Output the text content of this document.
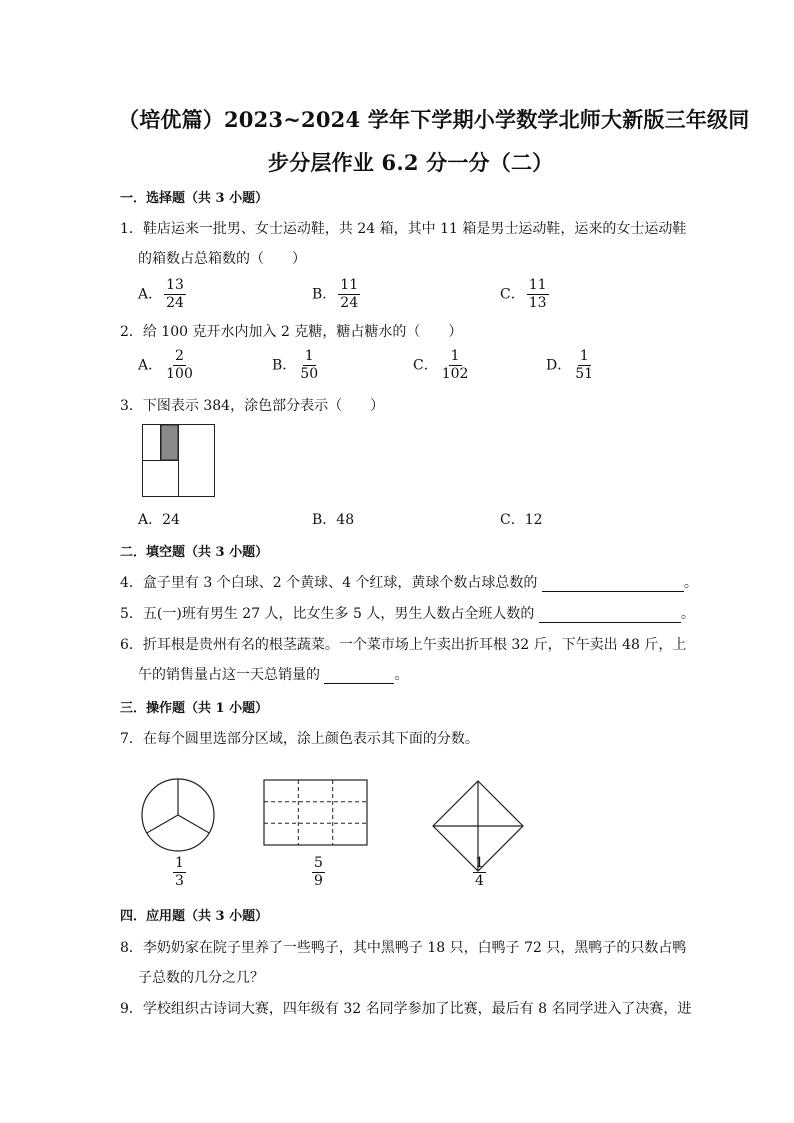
（培优篇）2023~2024 学年下学期小学数学北师大新版三年级同
步分层作业 6.2 分一分（二）
一．选择题（共 3 小题）
1．鞋店运来一批男、女士运动鞋，共 24 箱，其中 11 箱是男士运动鞋，运来的女士运动鞋
的箱数占总箱数的（　　）
A． $\frac{13}{24}$	B． $\frac{11}{24}$	C． $\frac{11}{13}$
2．给 100 克开水内加入 2 克糖，糖占糖水的（　　）
A． $\frac{2}{100}$	B． $\frac{1}{50}$	C． $\frac{1}{102}$	D． $\frac{1}{51}$
3．下图表示 384，涂色部分表示（　　）
A．24	B．48	C．12
二．填空题（共 3 小题）
4．盒子里有 3 个白球、2 个黄球、4 个红球，黄球个数占球总数的	。
5．五(一)班有男生 27 人，比女生多 5 人，男生人数占全班人数的	。
6．折耳根是贵州有名的根茎蔬菜。一个菜市场上午卖出折耳根 32 斤，下午卖出 48 斤，上
午的销售量占这一天总销量的	。
三．操作题（共 1 小题）
7．在每个圆里选部分区域，涂上颜色表示其下面的分数。
$\frac{1}{3}$	$\frac{5}{9}$	$\frac{1}{4}$
四．应用题（共 3 小题）
8．李奶奶家在院子里养了一些鸭子，其中黑鸭子 18 只，白鸭子 72 只，黑鸭子的只数占鸭
子总数的几分之几？
9．学校组织古诗词大赛，四年级有 32 名同学参加了比赛，最后有 8 名同学进入了决赛，进
